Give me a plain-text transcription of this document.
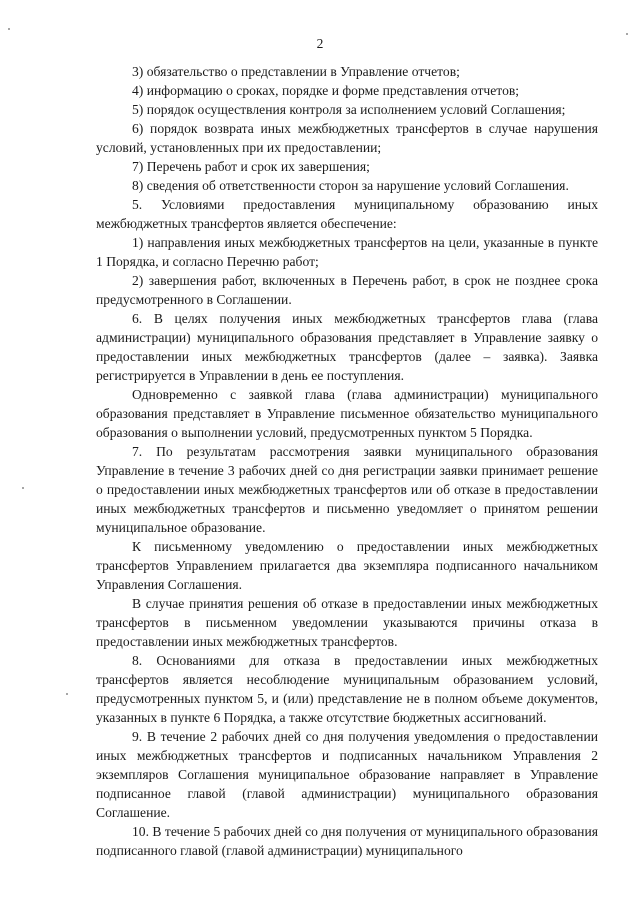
2

3) обязательство о представлении в Управление отчетов;

4) информацию о сроках, порядке и форме представления отчетов;

5) порядок осуществления контроля за исполнением условий Соглашения;

6) порядок возврата иных межбюджетных трансфертов в случае нарушения условий, установленных при их предоставлении;

7) Перечень работ и срок их завершения;

8) сведения об ответственности сторон за нарушение условий Соглашения.

5. Условиями предоставления муниципальному образованию иных межбюджетных трансфертов является обеспечение:

1) направления иных межбюджетных трансфертов на цели, указанные в пункте 1 Порядка, и согласно Перечню работ;

2) завершения работ, включенных в Перечень работ, в срок не позднее срока предусмотренного в Соглашении.

6. В целях получения иных межбюджетных трансфертов глава (глава администрации) муниципального образования представляет в Управление заявку о предоставлении иных межбюджетных трансфертов (далее – заявка). Заявка регистрируется в Управлении в день ее поступления.

Одновременно с заявкой глава (глава администрации) муниципального образования представляет в Управление письменное обязательство муниципального образования о выполнении условий, предусмотренных пунктом 5 Порядка.

7. По результатам рассмотрения заявки муниципального образования Управление в течение 3 рабочих дней со дня регистрации заявки принимает решение о предоставлении иных межбюджетных трансфертов или об отказе в предоставлении иных межбюджетных трансфертов и письменно уведомляет о принятом решении муниципальное образование.

К письменному уведомлению о предоставлении иных межбюджетных трансфертов Управлением прилагается два экземпляра подписанного начальником Управления Соглашения.

В случае принятия решения об отказе в предоставлении иных межбюджетных трансфертов в письменном уведомлении указываются причины отказа в предоставлении иных межбюджетных трансфертов.

8. Основаниями для отказа в предоставлении иных межбюджетных трансфертов является несоблюдение муниципальным образованием условий, предусмотренных пунктом 5, и (или) представление не в полном объеме документов, указанных в пункте 6 Порядка, а также отсутствие бюджетных ассигнований.

9. В течение 2 рабочих дней со дня получения уведомления о предоставлении иных межбюджетных трансфертов и подписанных начальником Управления 2 экземпляров Соглашения муниципальное образование направляет в Управление подписанное главой (главой администрации) муниципального образования Соглашение.

10. В течение 5 рабочих дней со дня получения от муниципального образования подписанного главой (главой администрации) муниципального
